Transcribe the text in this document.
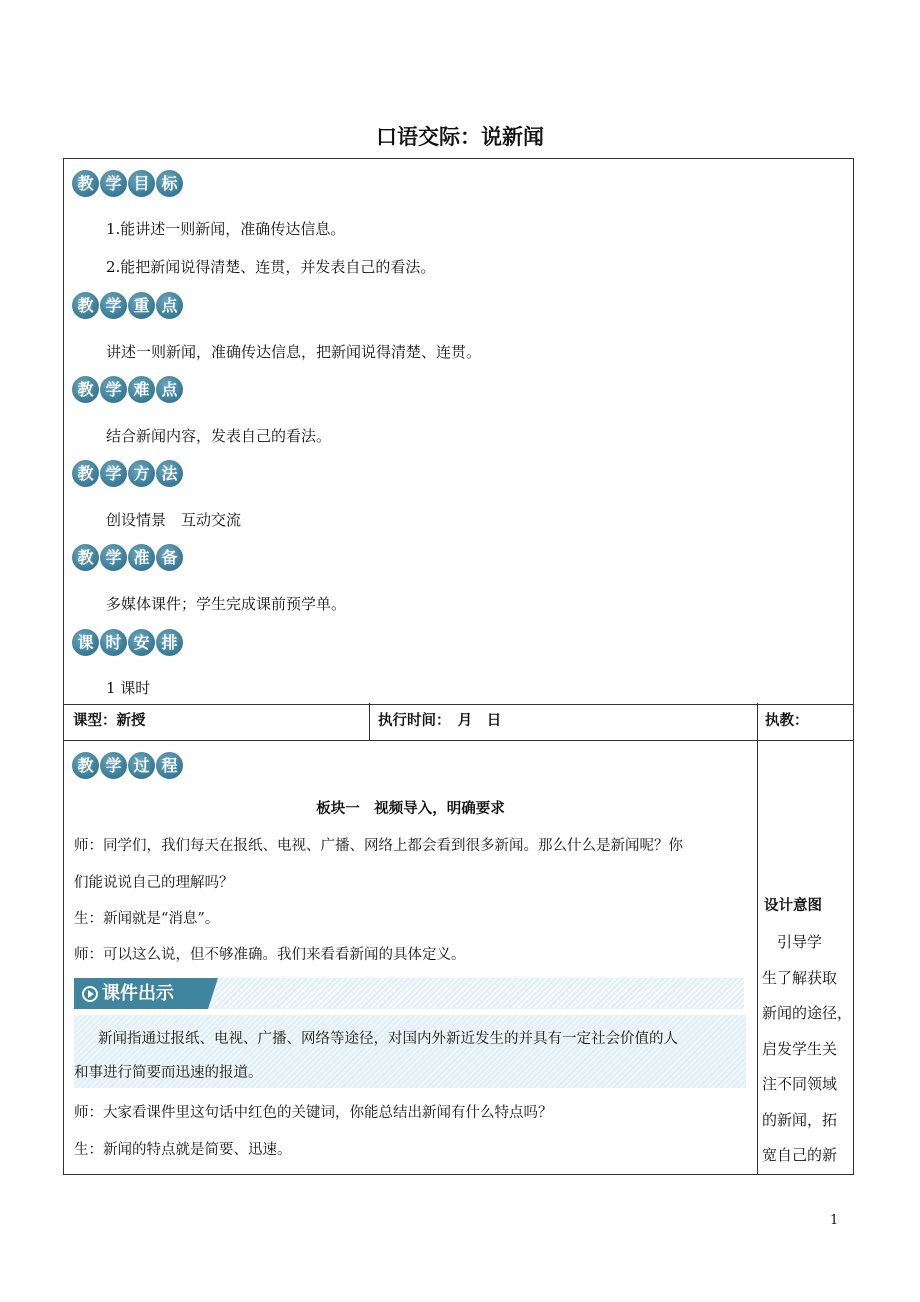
口语交际：说新闻
教 学 目 标
1.能讲述一则新闻，准确传达信息。
2.能把新闻说得清楚、连贯，并发表自己的看法。
教 学 重 点
讲述一则新闻，准确传达信息，把新闻说得清楚、连贯。
教 学 难 点
结合新闻内容，发表自己的看法。
教 学 方 法
创设情景　互动交流
教 学 准 备
多媒体课件；学生完成课前预学单。
课 时 安 排
1 课时
课型：新授	执行时间：　月　日	执教：
教 学 过 程
板块一　视频导入，明确要求
师：同学们，我们每天在报纸、电视、广播、网络上都会看到很多新闻。那么什么是新闻呢？你
们能说说自己的理解吗？
生：新闻就是“消息”。
师：可以这么说，但不够准确。我们来看看新闻的具体定义。
课件出示
新闻指通过报纸、电视、广播、网络等途径，对国内外新近发生的并具有一定社会价值的人
和事进行简要而迅速的报道。
师：大家看课件里这句话中红色的关键词，你能总结出新闻有什么特点吗？
生：新闻的特点就是简要、迅速。
设计意图
　引导学
生了解获取
新闻的途径，
启发学生关
注不同领域
的新闻，拓
宽自己的新
1
